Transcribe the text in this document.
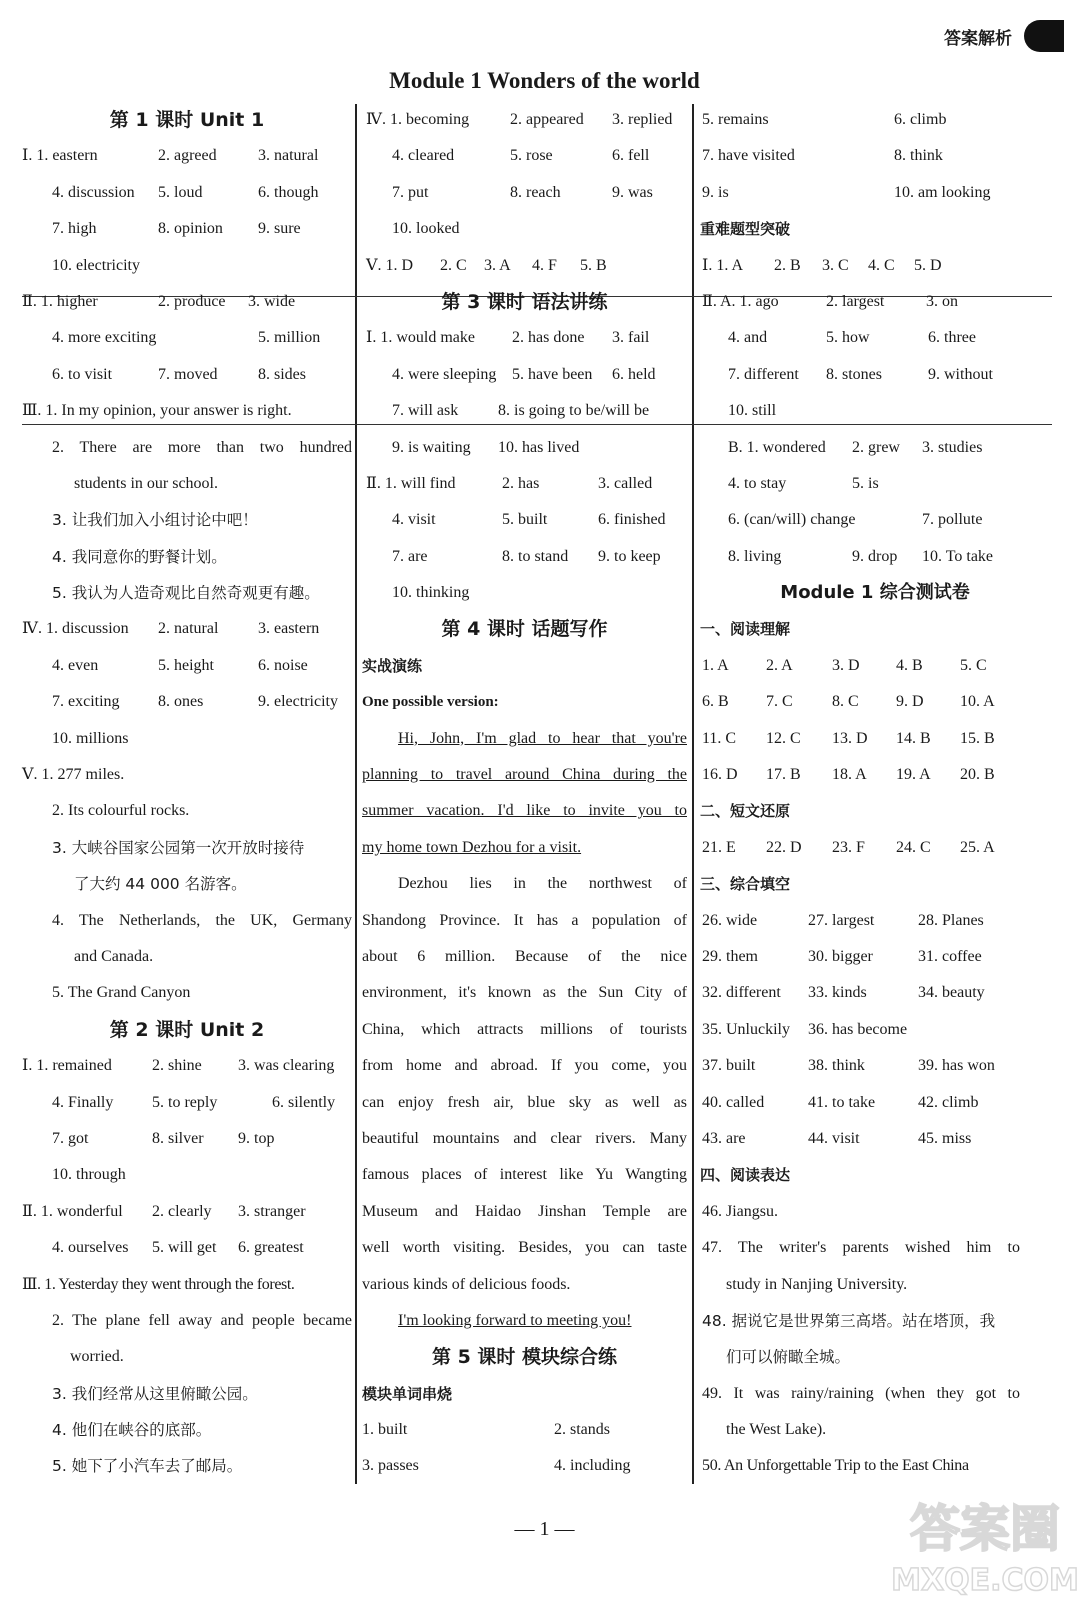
答案解析
Module 1 Wonders of the world
第 1 课时 Unit 1
Ⅰ. 1. eastern	2. agreed	3. natural
4. discussion 5. loud	6. though
7. high	8. opinion 9. sure
10. electricity
Ⅱ. 1. higher	2. produce 3. wide
4. more exciting	5. million
6. to visit	7. moved	8. sides
Ⅲ. 1. In my opinion, your answer is right.
2. There are more than two hundred
students in our school.
3. 让我们加入小组讨论中吧！
4. 我同意你的野餐计划。
5. 我认为人造奇观比自然奇观更有趣。
Ⅳ. 1. discussion 2. natural 3. eastern
4. even	5. height	6. noise
7. exciting 8. ones	9. electricity
10. millions
Ⅴ. 1. 277 miles.
2. Its colourful rocks.
3. 大峡谷国家公园第一次开放时接待
了大约 44 000 名游客。
4. The Netherlands, the UK, Germany
and Canada.
5. The Grand Canyon
第 2 课时 Unit 2
Ⅰ. 1. remained	2. shine 3. was clearing
4. Finally 5. to reply	6. silently
7. got	8. silver 9. top
10. through
Ⅱ. 1. wonderful 2. clearly 3. stranger
4. ourselves 5. will get 6. greatest
Ⅲ. 1. Yesterday they went through the forest.
2. The plane fell away and people became
worried.
3. 我们经常从这里俯瞰公园。
4. 他们在峡谷的底部。
5. 她下了小汽车去了邮局。
Ⅳ. 1. becoming	2. appeared 3. replied
4. cleared	5. rose	6. fell
7. put	8. reach	9. was
10. looked
Ⅴ. 1. D 2. C 3. A 4. F 5. B
第 3 课时 语法讲练
Ⅰ. 1. would make 2. has done 3. fail
4. were sleeping 5. have been 6. held
7. will ask 8. is going to be/will be
9. is waiting 10. has lived
Ⅱ. 1. will find	2. has	3. called
4. visit	5. built	6. finished
7. are	8. to stand 9. to keep
10. thinking
第 4 课时 话题写作
实战演练
One possible version:
Hi, John, I'm glad to hear that you're
planning to travel around China during the
summer vacation. I'd like to invite you to
my home town Dezhou for a visit.
Dezhou lies in the northwest of
Shandong Province. It has a population of
about 6 million. Because of the nice
environment, it's known as the Sun City of
China, which attracts millions of tourists
from home and abroad. If you come, you
can enjoy fresh air, blue sky as well as
beautiful mountains and clear rivers. Many
famous places of interest like Yu Wangting
Museum and Haidao Jinshan Temple are
well worth visiting. Besides, you can taste
various kinds of delicious foods.
I'm looking forward to meeting you!
第 5 课时 模块综合练
模块单词串烧
1. built	2. stands
3. passes	4. including
5. remains	6. climb
7. have visited	8. think
9. is	10. am looking
重难题型突破
Ⅰ. 1. A 2. B 3. C 4. C 5. D
Ⅱ. A. 1. ago	2. largest	3. on
4. and	5. how	6. three
7. different 8. stones	9. without
10. still
B. 1. wondered 2. grew 3. studies
4. to stay	5. is
6. (can/will) change	7. pollute
8. living	9. drop 10. To take
Module 1 综合测试卷
一、阅读理解
1. A 2. A 3. D 4. B 5. C
6. B 7. C 8. C 9. D 10. A
11. C 12. C 13. D 14. B 15. B
16. D 17. B 18. A 19. A 20. B
二、短文还原
21. E 22. D 23. F 24. C 25. A
三、综合填空
26. wide	27. largest	28. Planes
29. them	30. bigger	31. coffee
32. different 33. kinds	34. beauty
35. Unluckily 36. has become
37. built	38. think	39. has won
40. called	41. to take	42. climb
43. are	44. visit	45. miss
四、阅读表达
46. Jiangsu.
47. The writer's parents wished him to
study in Nanjing University.
48. 据说它是世界第三高塔。站在塔顶，我
们可以俯瞰全城。
49. It was rainy/raining (when they got to
the West Lake).
50. An Unforgettable Trip to the East China
— 1 —	答案圈
MXQE.COM
